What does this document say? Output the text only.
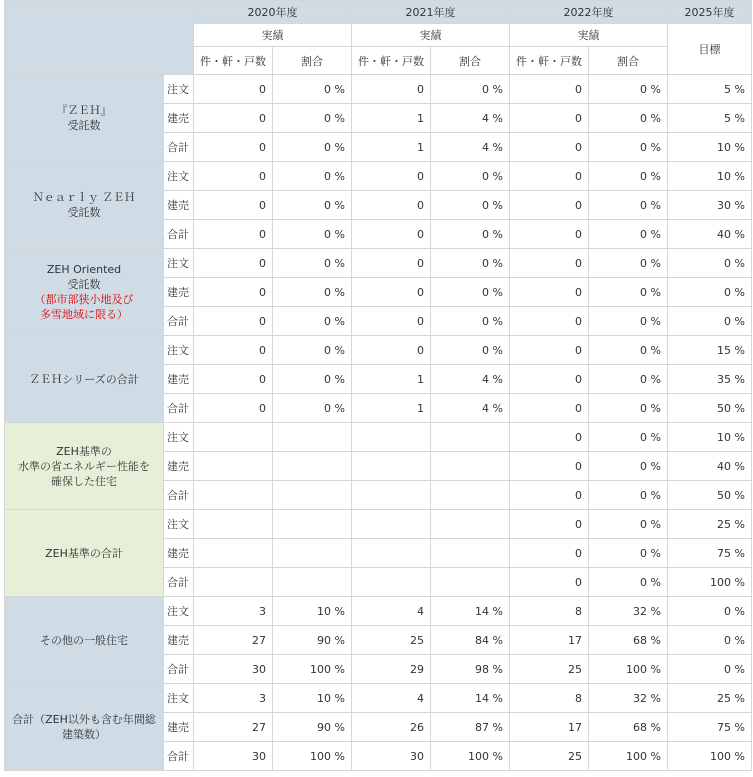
		2020年度		2021年度		2022年度		2025年度
		実績		実績		実績		目標
		件・軒・戸数	割合	件・軒・戸数	割合	件・軒・戸数	割合	

『ＺＥＨ』
受託数	注文	0	0 %	0	0 %	0	0 %	5 %
	建売	0	0 %	1	4 %	0	0 %	5 %
	合計	0	0 %	1	4 %	0	0 %	10 %

Ｎｅａｒｌｙ ＺＥＨ
受託数	注文	0	0 %	0	0 %	0	0 %	10 %
	建売	0	0 %	0	0 %	0	0 %	30 %
	合計	0	0 %	0	0 %	0	0 %	40 %

ZEH Oriented
受託数
（都市部狭小地及び
多雪地域に限る）	注文	0	0 %	0	0 %	0	0 %	0 %
	建売	0	0 %	0	0 %	0	0 %	0 %
	合計	0	0 %	0	0 %	0	0 %	0 %

ＺＥＨシリーズの合計	注文	0	0 %	0	0 %	0	0 %	15 %
	建売	0	0 %	1	4 %	0	0 %	35 %
	合計	0	0 %	1	4 %	0	0 %	50 %

ZEH基準の
水準の省エネルギー性能を
確保した住宅	注文					0	0 %	10 %
	建売					0	0 %	40 %
	合計					0	0 %	50 %

ZEH基準の合計	注文					0	0 %	25 %
	建売					0	0 %	75 %
	合計					0	0 %	100 %

その他の一般住宅	注文	3	10 %	4	14 %	8	32 %	0 %
	建売	27	90 %	25	84 %	17	68 %	0 %
	合計	30	100 %	29	98 %	25	100 %	0 %

合計（ZEH以外も含む年間総
建築数）	注文	3	10 %	4	14 %	8	32 %	25 %
	建売	27	90 %	26	87 %	17	68 %	75 %
	合計	30	100 %	30	100 %	25	100 %	100 %
